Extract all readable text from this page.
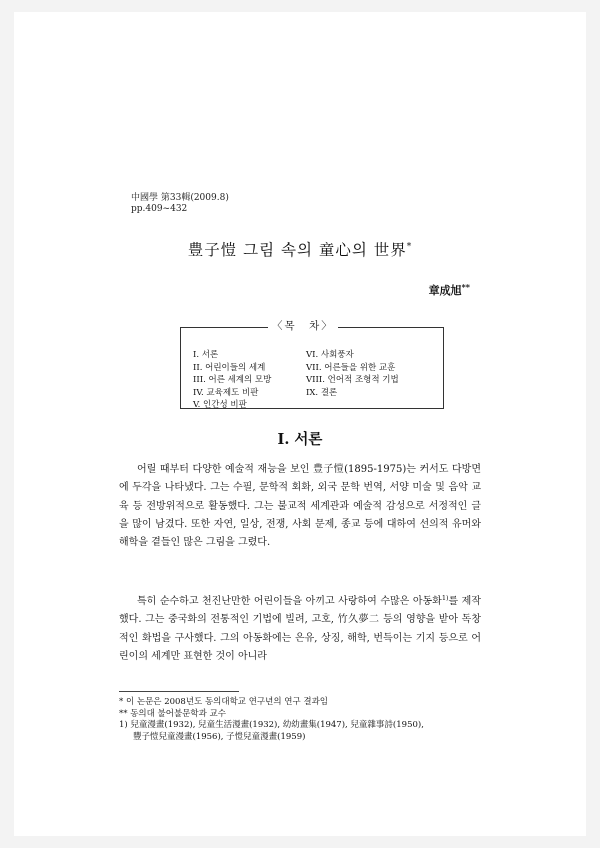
中國學 第33輯(2009.8)
pp.409~432
豊子愷 그림 속의 童心의 世界*
章成旭**
〈목　차〉
I. 서론
II. 어린이들의 세계
III. 어른 세계의 모방
IV. 교육제도 비판
V. 인간성 비판
VI. 사회풍자
VII. 어른들을 위한 교훈
VIII. 언어적 조형적 기법
IX. 결론
I. 서론
어릴 때부터 다양한 예술적 재능을 보인 豊子愷(1895-1975)는 커서도 다방면에 두각을 나타냈다. 그는 수필, 문학적 회화, 외국 문학 번역, 서양 미술 및 음악 교육 등 전방위적으로 활동했다. 그는 불교적 세계관과 예술적 감성으로 서정적인 글을 많이 남겼다. 또한 자연, 일상, 전쟁, 사회 문제, 종교 등에 대하여 선의적 유머와 해학을 곁들인 많은 그림을 그렸다.
특히 순수하고 천진난만한 어린이들을 아끼고 사랑하여 수많은 아동화$^{1)}$를 제작했다. 그는 중국화의 전통적인 기법에 빌려, 고호, 竹久夢二 등의 영향을 받아 독창적인 화법을 구사했다. 그의 아동화에는 은유, 상징, 해학, 번득이는 기지 등으로 어린이의 세계만 표현한 것이 아니라
* 이 논문은 2008년도 동의대학교 연구년의 연구 결과임
** 동의대 불어불문학과 교수
1) 兒童漫畫(1932), 兒童生活漫畫(1932), 幼幼畫集(1947), 兒童雜事詩(1950),
豐子愷兒童漫畫(1956), 子愷兒童漫畫(1959)
